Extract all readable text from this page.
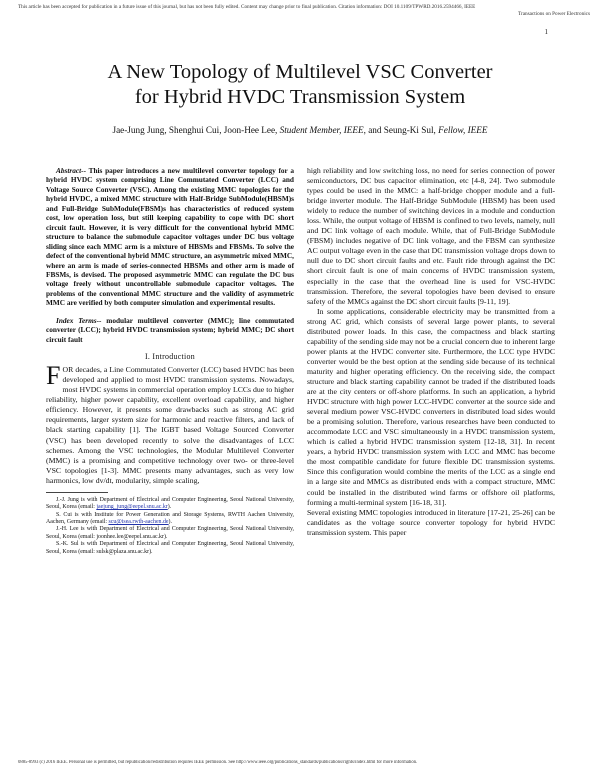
This article has been accepted for publication in a future issue of this journal, but has not been fully edited. Content may change prior to final publication. Citation information: DOI 10.1109/TPWRD.2016.2594466, IEEE
Transactions on Power Electronics
1
A New Topology of Multilevel VSC Converter
for Hybrid HVDC Transmission System
Jae-Jung Jung, Shenghui Cui, Joon-Hee Lee, Student Member, IEEE, and Seung-Ki Sul, Fellow, IEEE

Abstract-- This paper introduces a new multilevel converter topology for a hybrid HVDC system comprising Line Commutated Converter (LCC) and Voltage Source Converter (VSC). Among the existing MMC topologies for the hybrid HVDC, a mixed MMC structure with Half-Bridge SubModule(HBSM)s and Full-Bridge SubModule(FBSM)s has characteristics of reduced system cost, low operation loss, but still keeping capability to cope with DC short circuit fault. However, it is very difficult for the conventional hybrid MMC structure to balance the submodule capacitor voltages under DC bus voltage sliding since each MMC arm is a mixture of HBSMs and FBSMs. To solve the defect of the conventional hybrid MMC structure, an asymmetric mixed MMC, where an arm is made of series-connected HBSMs and other arm is made of FBSMs, is devised. The proposed asymmetric MMC can regulate the DC bus voltage freely without uncontrollable submodule capacitor voltages. The problems of the conventional MMC structure and the validity of asymmetric MMC are verified by both computer simulation and experimental results.

Index Terms-- modular multilevel converter (MMC); line commutated converter (LCC); hybrid HVDC transmission system; hybrid MMC; DC short circuit fault

I. Introduction

FOR decades, a Line Commutated Converter (LCC) based HVDC has been developed and applied to most HVDC transmission systems. Nowadays, most HVDC systems in commercial operation employ LCCs due to higher reliability, higher power capability, excellent overload capability, and higher efficiency. However, it presents some drawbacks such as strong AC grid requirements, larger system size for harmonic and reactive filters, and lack of black starting capability [1]. The IGBT based Voltage Sourced Converter (VSC) has been developed recently to solve the disadvantages of LCC schemes. Among the VSC technologies, the Modular Multilevel Converter (MMC) is a promising and competitive technology over two- or three-level VSC topologies [1-3]. MMC presents many advantages, such as very low harmonics, low dv/dt, modularity, simple scaling,

J.-J. Jung is with Department of Electrical and Computer Engineering, Seoul National University, Seoul, Korea (email: jaejung_jung@eepel.snu.ac.kr).

S. Cui is with Institute for Power Generation and Storage Systems, RWTH Aachen University, Aachen, Germany (email: scu@isea.rwth-aachen.de).

J.-H. Lee is with Department of Electrical and Computer Engineering, Seoul National University, Seoul, Korea (email: joonhee.lee@eepel.snu.ac.kr).

S.-K. Sul is with Department of Electrical and Computer Engineering, Seoul National University, Seoul, Korea (email: sulsk@plaza.snu.ac.kr).

high reliability and low switching loss, no need for series connection of power semiconductors, DC bus capacitor elimination, etc [4-8, 24]. Two submodule types could be used in the MMC: a half-bridge chopper module and a full-bridge inverter module. The Half-Bridge SubModule (HBSM) has been used widely to reduce the number of switching devices in a module and conduction loss. While, the output voltage of HBSM is confined to two levels, namely, null and DC link voltage of each module. While, that of Full-Bridge SubModule (FBSM) includes negative of DC link voltage, and the FBSM can synthesize AC output voltage even in the case that DC transmission voltage drops down to null due to DC short circuit faults and etc. Fault ride through against the DC short circuit fault is one of main concerns of HVDC transmission system, especially in the case that the overhead line is used for VSC-HVDC transmission. Therefore, the several topologies have been devised to ensure safety of the MMCs against the DC short circuit faults [9-11, 19].

In some applications, considerable electricity may be transmitted from a strong AC grid, which consists of several large power plants, to several distributed power loads. In this case, the compactness and black starting capability of the sending side may not be a crucial concern due to inherent large power plants at the HVDC converter site. Furthermore, the LCC type HVDC converter would be the best option at the sending side because of its technical maturity and higher operating efficiency. On the receiving side, the compact structure and black starting capability cannot be traded if the distributed loads are at the city centers or off-shore platforms. In such an application, a hybrid HVDC structure with high power LCC-HVDC converter at the source side and several medium power VSC-HVDC converters in distributed load sides would be a promising solution. Therefore, various researches have been conducted to accommodate LCC and VSC simultaneously in a HVDC transmission system, which is called a hybrid HVDC transmission system [12-18, 31]. In recent years, a hybrid HVDC transmission system with LCC and MMC has become the most compatible candidate for future flexible DC transmission systems. Since this configuration would combine the merits of the LCC as a single end in a large site and MMCs as distributed ends with a compact structure, MMC could be installed in the distributed wind farms or offshore oil platforms, forming a multi-terminal system [16-18, 31].

Several existing MMC topologies introduced in literature [17-21, 25-26] can be candidates as the voltage source converter topology for hybrid HVDC transmission system. This paper

0885-8993 (c) 2016 IEEE. Personal use is permitted, but republication/redistribution requires IEEE permission. See http://www.ieee.org/publications_standards/publications/rights/index.html for more information.
